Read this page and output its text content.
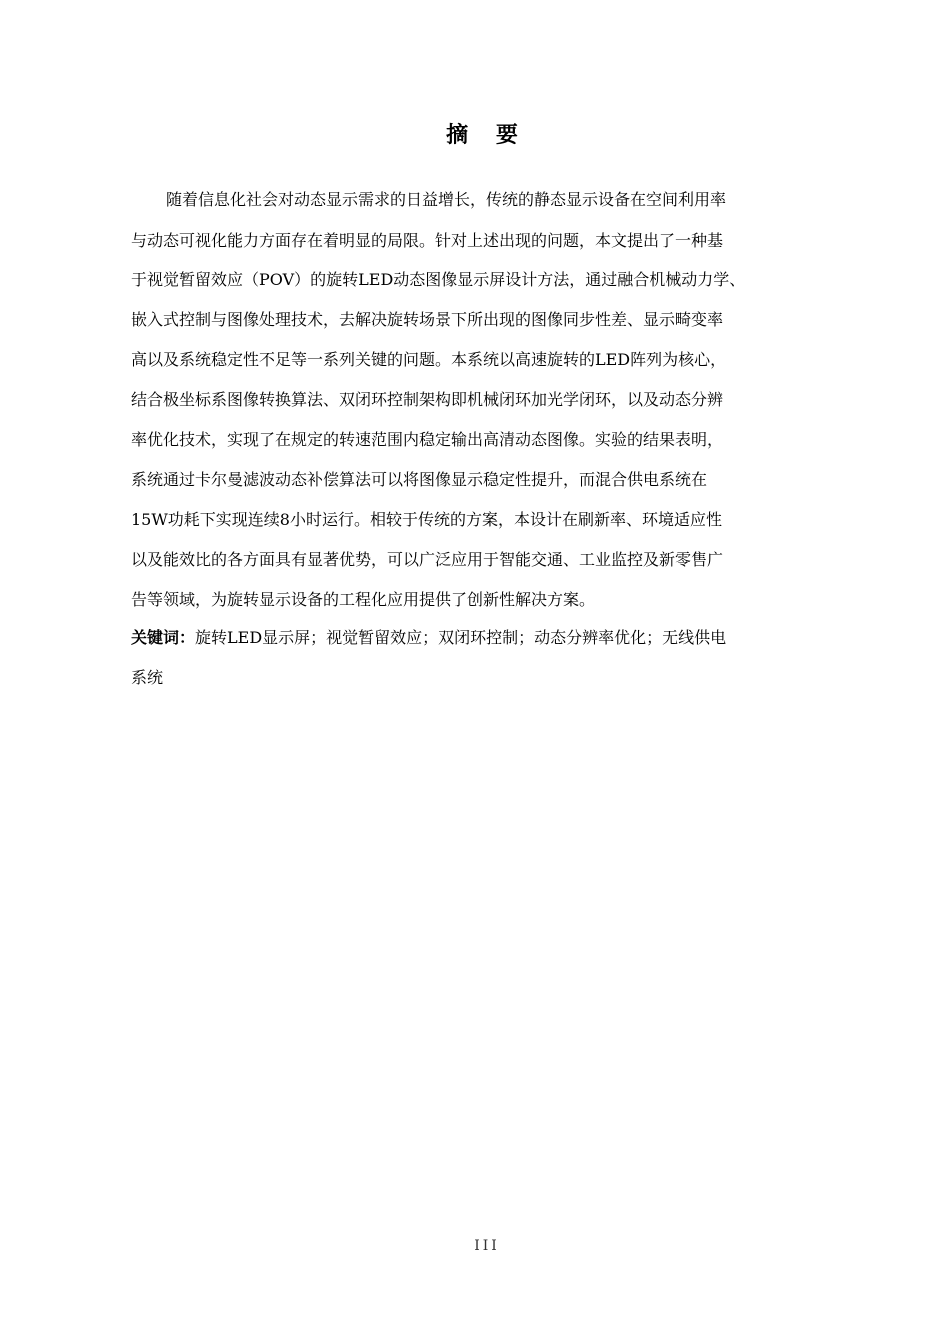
摘 要
随着信息化社会对动态显示需求的日益增长，传统的静态显示设备在空间利用率
与动态可视化能力方面存在着明显的局限。针对上述出现的问题，本文提出了一种基
于视觉暂留效应（POV）的旋转LED动态图像显示屏设计方法，通过融合机械动力学、
嵌入式控制与图像处理技术，去解决旋转场景下所出现的图像同步性差、显示畸变率
高以及系统稳定性不足等一系列关键的问题。本系统以高速旋转的LED阵列为核心，
结合极坐标系图像转换算法、双闭环控制架构即机械闭环加光学闭环，以及动态分辨
率优化技术，实现了在规定的转速范围内稳定输出高清动态图像。实验的结果表明，
系统通过卡尔曼滤波动态补偿算法可以将图像显示稳定性提升，而混合供电系统在
15W功耗下实现连续8小时运行。相较于传统的方案，本设计在刷新率、环境适应性
以及能效比的各方面具有显著优势，可以广泛应用于智能交通、工业监控及新零售广
告等领域，为旋转显示设备的工程化应用提供了创新性解决方案。
关键词：旋转LED显示屏；视觉暂留效应；双闭环控制；动态分辨率优化；无线供电
系统
III
